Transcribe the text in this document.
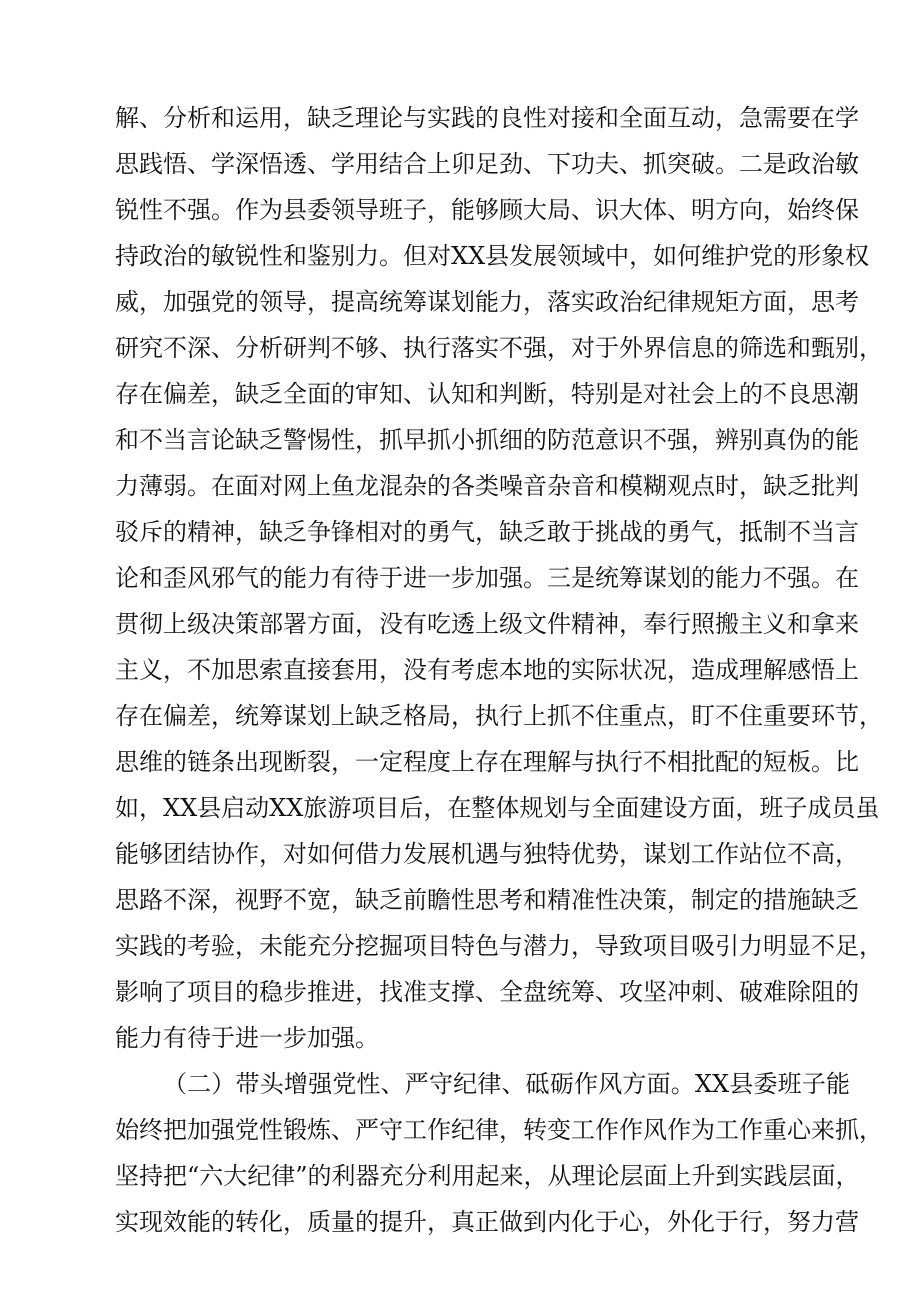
解、分析和运用，缺乏理论与实践的良性对接和全面互动，急需要在学
思践悟、学深悟透、学用结合上卯足劲、下功夫、抓突破。二是政治敏
锐性不强。作为县委领导班子，能够顾大局、识大体、明方向，始终保
持政治的敏锐性和鉴别力。但对XX县发展领域中，如何维护党的形象权
威，加强党的领导，提高统筹谋划能力，落实政治纪律规矩方面，思考
研究不深、分析研判不够、执行落实不强，对于外界信息的筛选和甄别，
存在偏差，缺乏全面的审知、认知和判断，特别是对社会上的不良思潮
和不当言论缺乏警惕性，抓早抓小抓细的防范意识不强，辨别真伪的能
力薄弱。在面对网上鱼龙混杂的各类噪音杂音和模糊观点时，缺乏批判
驳斥的精神，缺乏争锋相对的勇气，缺乏敢于挑战的勇气，抵制不当言
论和歪风邪气的能力有待于进一步加强。三是统筹谋划的能力不强。在
贯彻上级决策部署方面，没有吃透上级文件精神，奉行照搬主义和拿来
主义，不加思索直接套用，没有考虑本地的实际状况，造成理解感悟上
存在偏差，统筹谋划上缺乏格局，执行上抓不住重点，盯不住重要环节，
思维的链条出现断裂，一定程度上存在理解与执行不相批配的短板。比
如，XX县启动XX旅游项目后，在整体规划与全面建设方面，班子成员虽
能够团结协作，对如何借力发展机遇与独特优势，谋划工作站位不高，
思路不深，视野不宽，缺乏前瞻性思考和精准性决策，制定的措施缺乏
实践的考验，未能充分挖掘项目特色与潜力，导致项目吸引力明显不足，
影响了项目的稳步推进，找准支撑、全盘统筹、攻坚冲刺、破难除阻的
能力有待于进一步加强。
（二）带头增强党性、严守纪律、砥砺作风方面。XX县委班子能
始终把加强党性锻炼、严守工作纪律，转变工作作风作为工作重心来抓，
坚持把“六大纪律”的利器充分利用起来，从理论层面上升到实践层面，
实现效能的转化，质量的提升，真正做到内化于心，外化于行，努力营
